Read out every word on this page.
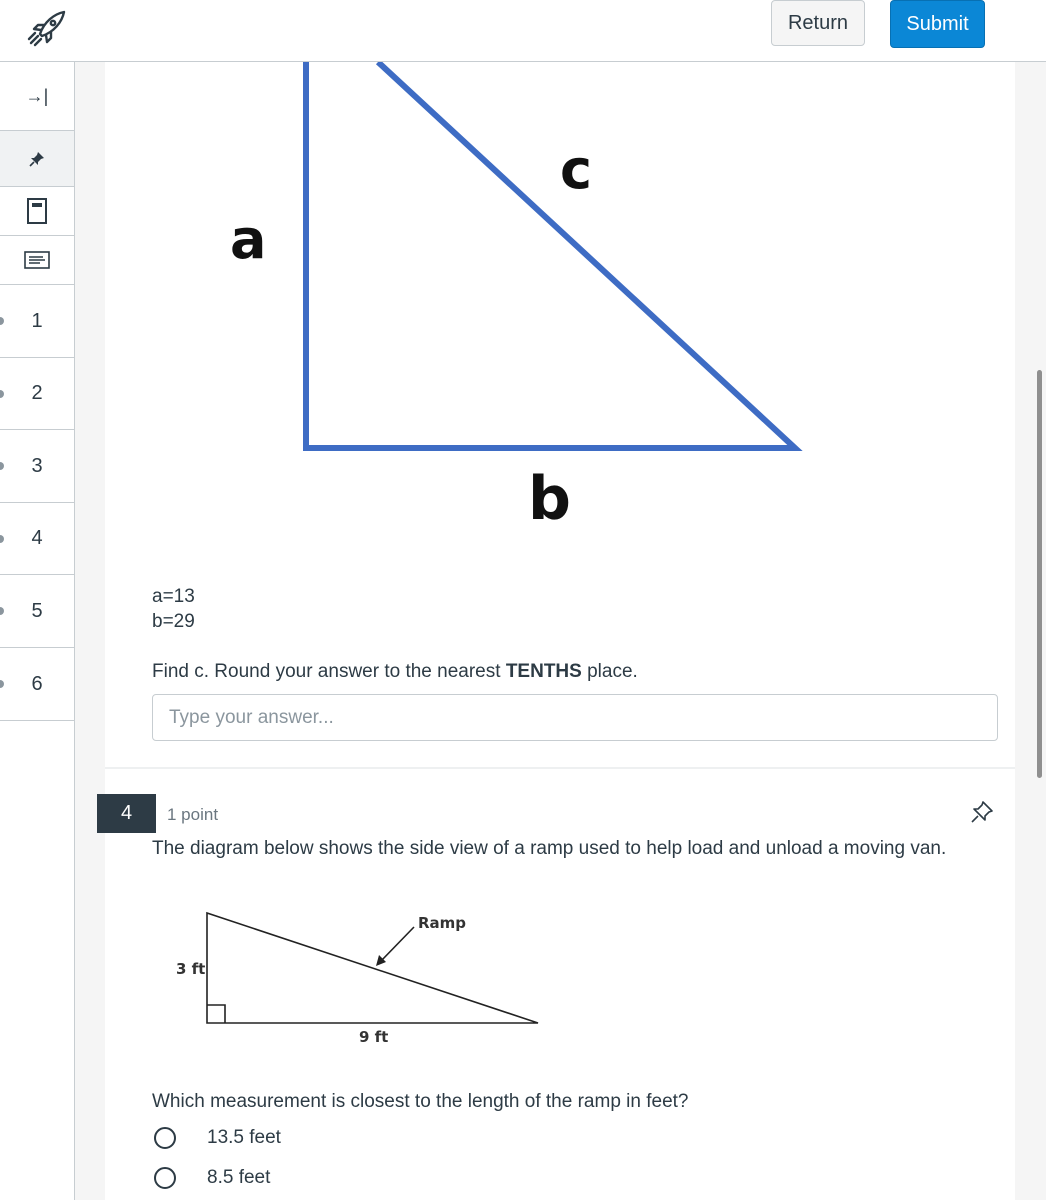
Return	Submit
→|
1
2
3
4
5
6
a
c
b
a=13
b=29
Find c. Round your answer to the nearest TENTHS place.
Type your answer...
4	1 point
The diagram below shows the side view of a ramp used to help load and unload a moving van.
Ramp
3 ft
9 ft
Which measurement is closest to the length of the ramp in feet?
13.5 feet
8.5 feet
